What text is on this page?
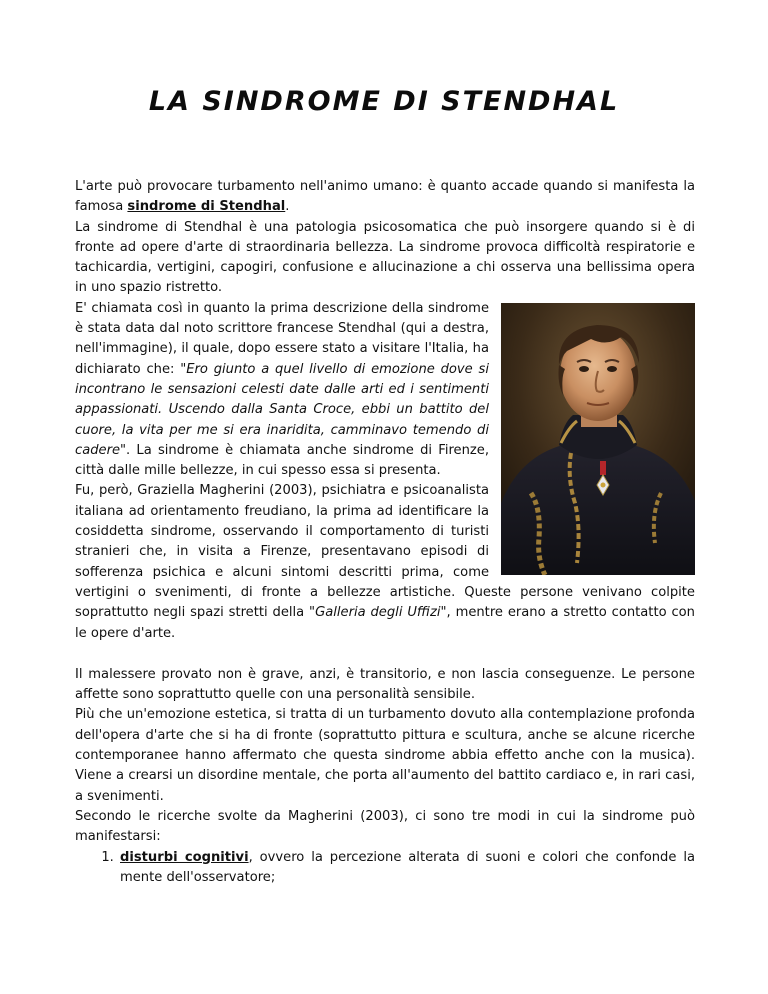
LA SINDROME DI STENDHAL

L'arte può provocare turbamento nell'animo umano: è quanto accade quando si manifesta la famosa sindrome di Stendhal.

La sindrome di Stendhal è una patologia psicosomatica che può insorgere quando si è di fronte ad opere d'arte di straordinaria bellezza. La sindrome provoca difficoltà respiratorie e tachicardia, vertigini, capogiri, confusione e allucinazione a chi osserva una bellissima opera in uno spazio ristretto.

E' chiamata così in quanto la prima descrizione della sindrome è stata data dal noto scrittore francese Stendhal (qui a destra, nell'immagine), il quale, dopo essere stato a visitare l'Italia, ha dichiarato che: "Ero giunto a quel livello di emozione dove si incontrano le sensazioni celesti date dalle arti ed i sentimenti appassionati. Uscendo dalla Santa Croce, ebbi un battito del cuore, la vita per me si era inaridita, camminavo temendo di cadere". La sindrome è chiamata anche sindrome di Firenze, città dalle mille bellezze, in cui spesso essa si presenta.

Fu, però, Graziella Magherini (2003), psichiatra e psicoanalista italiana ad orientamento freudiano, la prima ad identificare la cosiddetta sindrome, osservando il comportamento di turisti stranieri che, in visita a Firenze, presentavano episodi di sofferenza psichica e alcuni sintomi descritti prima, come vertigini o svenimenti, di fronte a bellezze artistiche. Queste persone venivano colpite soprattutto negli spazi stretti della "Galleria degli Uffizi", mentre erano a stretto contatto con le opere d'arte.

Il malessere provato non è grave, anzi, è transitorio, e non lascia conseguenze. Le persone affette sono soprattutto quelle con una personalità sensibile.

Più che un'emozione estetica, si tratta di un turbamento dovuto alla contemplazione profonda dell'opera d'arte che si ha di fronte (soprattutto pittura e scultura, anche se alcune ricerche contemporanee hanno affermato che questa sindrome abbia effetto anche con la musica). Viene a crearsi un disordine mentale, che porta all'aumento del battito cardiaco e, in rari casi, a svenimenti.

Secondo le ricerche svolte da Magherini (2003), ci sono tre modi in cui la sindrome può manifestarsi:

1. disturbi cognitivi, ovvero la percezione alterata di suoni e colori che confonde la mente dell'osservatore;
